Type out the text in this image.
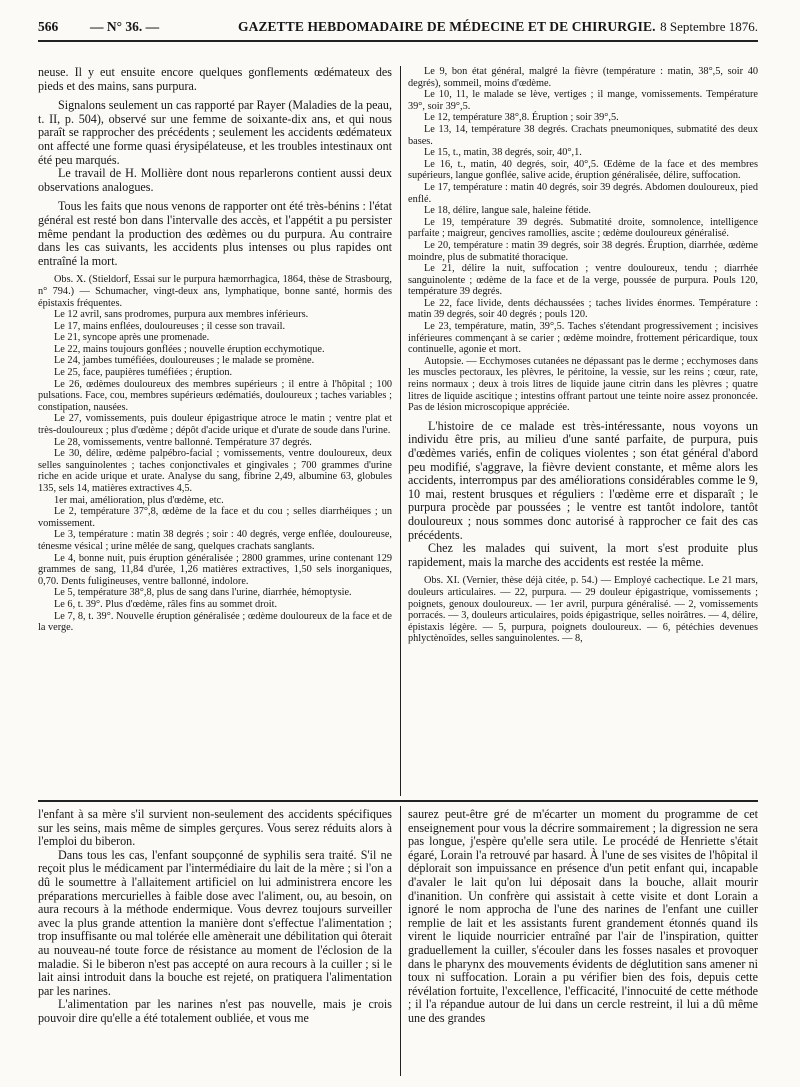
566 — N° 36. —	GAZETTE HEBDOMADAIRE DE MÉDECINE ET DE CHIRURGIE. 8 Septembre 1876.

neuse. Il y eut ensuite encore quelques gonflements œdémateux des pieds et des mains, sans purpura.

Signalons seulement un cas rapporté par Rayer (Maladies de la peau, t. II, p. 504), observé sur une femme de soixante-dix ans, et qui nous paraît se rapprocher des précédents ; seulement les accidents œdémateux ont affecté une forme quasi érysipélateuse, et les troubles intestinaux ont été peu marqués.

Le travail de H. Mollière dont nous reparlerons contient aussi deux observations analogues.

Tous les faits que nous venons de rapporter ont été très-bénins : l'état général est resté bon dans l'intervalle des accès, et l'appétit a pu persister même pendant la production des œdèmes ou du purpura. Au contraire dans les cas suivants, les accidents plus intenses ou plus rapides ont entraîné la mort.

Obs. X. (Stieldorf, Essai sur le purpura hæmorrhagica, 1864, thèse de Strasbourg, n° 794.) — Schumacher, vingt-deux ans, lymphatique, bonne santé, hormis des épistaxis fréquentes.

Le 12 avril, sans prodromes, purpura aux membres inférieurs.

Le 17, mains enflées, douloureuses ; il cesse son travail.

Le 21, syncope après une promenade.

Le 22, mains toujours gonflées ; nouvelle éruption ecchymotique.

Le 24, jambes tuméfiées, douloureuses ; le malade se promène.

Le 25, face, paupières tuméfiées ; éruption.

Le 26, œdèmes douloureux des membres supérieurs ; il entre à l'hôpital ; 100 pulsations. Face, cou, membres supérieurs œdématiés, douloureux ; taches variables ; constipation, nausées.

Le 27, vomissements, puis douleur épigastrique atroce le matin ; ventre plat et très-douloureux ; plus d'œdème ; dépôt d'acide urique et d'urate de soude dans l'urine.

Le 28, vomissements, ventre ballonné. Température 37 degrés.

Le 30, délire, œdème palpébro-facial ; vomissements, ventre douloureux, deux selles sanguinolentes ; taches conjonctivales et gingivales ; 700 grammes d'urine riche en acide urique et urate. Analyse du sang, fibrine 2,49, albumine 63, globules 135, sels 14, matières extractives 4,5.

1er mai, amélioration, plus d'œdème, etc.

Le 2, température 37°,8, œdème de la face et du cou ; selles diarrhéiques ; un vomissement.

Le 3, température : matin 38 degrés ; soir : 40 degrés, verge enflée, douloureuse, ténesme vésical ; urine mêlée de sang, quelques crachats sanglants.

Le 4, bonne nuit, puis éruption généralisée ; 2800 grammes, urine contenant 129 grammes de sang, 11,84 d'urée, 1,26 matières extractives, 1,50 sels inorganiques, 0,70. Dents fuligineuses, ventre ballonné, indolore.

Le 5, température 38°,8, plus de sang dans l'urine, diarrhée, hémoptysie.

Le 6, t. 39°. Plus d'œdème, râles fins au sommet droit.

Le 7, 8, t. 39°. Nouvelle éruption généralisée ; œdème douloureux de la face et de la verge.

Le 9, bon état général, malgré la fièvre (température : matin, 38°,5, soir 40 degrés), sommeil, moins d'œdème.

Le 10, 11, le malade se lève, vertiges ; il mange, vomissements. Température 39°, soir 39°,5.

Le 12, température 38°,8. Éruption ; soir 39°,5.

Le 13, 14, température 38 degrés. Crachats pneumoniques, submatité des deux bases.

Le 15, t., matin, 38 degrés, soir, 40°,1.

Le 16, t., matin, 40 degrés, soir, 40°,5. Œdème de la face et des membres supérieurs, langue gonflée, salive acide, éruption généralisée, délire, suffocation.

Le 17, température : matin 40 degrés, soir 39 degrés. Abdomen douloureux, pied enflé.

Le 18, délire, langue sale, haleine fétide.

Le 19, température 39 degrés. Submatité droite, somnolence, intelligence parfaite ; maigreur, gencives ramollies, ascite ; œdème douloureux généralisé.

Le 20, température : matin 39 degrés, soir 38 degrés. Éruption, diarrhée, œdème moindre, plus de submatité thoracique.

Le 21, délire la nuit, suffocation ; ventre douloureux, tendu ; diarrhée sanguinolente ; œdème de la face et de la verge, poussée de purpura. Pouls 120, température 39 degrés.

Le 22, face livide, dents déchaussées ; taches livides énormes. Température : matin 39 degrés, soir 40 degrés ; pouls 120.

Le 23, température, matin, 39°,5. Taches s'étendant progressivement ; incisives inférieures commençant à se carier ; œdème moindre, frottement péricardique, toux continuelle, agonie et mort.

Autopsie. — Ecchymoses cutanées ne dépassant pas le derme ; ecchymoses dans les muscles pectoraux, les plèvres, le péritoine, la vessie, sur les reins ; cœur, rate, reins normaux ; deux à trois litres de liquide jaune citrin dans les plèvres ; quatre litres de liquide ascitique ; intestins offrant partout une teinte noire assez prononcée. Pas de lésion microscopique appréciée.

L'histoire de ce malade est très-intéressante, nous voyons un individu être pris, au milieu d'une santé parfaite, de purpura, puis d'œdèmes variés, enfin de coliques violentes ; son état général d'abord peu modifié, s'aggrave, la fièvre devient constante, et même alors les accidents, interrompus par des améliorations considérables comme le 9, 10 mai, restent brusques et réguliers : l'œdème erre et disparaît ; le purpura procède par poussées ; le ventre est tantôt indolore, tantôt douloureux ; nous sommes donc autorisé à rapprocher ce fait des cas précédents.

Chez les malades qui suivent, la mort s'est produite plus rapidement, mais la marche des accidents est restée la même.

Obs. XI. (Vernier, thèse déjà citée, p. 54.) — Employé cachectique. Le 21 mars, douleurs articulaires. — 22, purpura. — 29 douleur épigastrique, vomissements ; poignets, genoux douloureux. — 1er avril, purpura généralisé. — 2, vomissements porracés. — 3, douleurs articulaires, poids épigastrique, selles noirâtres. — 4, délire, épistaxis légère. — 5, purpura, poignets douloureux. — 6, pétéchies devenues phlyctènoïdes, selles sanguinolentes. — 8,

l'enfant à sa mère s'il survient non-seulement des accidents spécifiques sur les seins, mais même de simples gerçures. Vous serez réduits alors à l'emploi du biberon.

Dans tous les cas, l'enfant soupçonné de syphilis sera traité. S'il ne reçoit plus le médicament par l'intermédiaire du lait de la mère ; si l'on a dû le soumettre à l'allaitement artificiel on lui administrera encore les préparations mercurielles à faible dose avec l'aliment, ou, au besoin, on aura recours à la méthode endermique. Vous devrez toujours surveiller avec la plus grande attention la manière dont s'effectue l'alimentation ; trop insuffisante ou mal tolérée elle amènerait une débilitation qui ôterait au nouveau-né toute force de résistance au moment de l'éclosion de la maladie. Si le biberon n'est pas accepté on aura recours à la cuiller ; si le lait ainsi introduit dans la bouche est rejeté, on pratiquera l'alimentation par les narines.

L'alimentation par les narines n'est pas nouvelle, mais je crois pouvoir dire qu'elle a été totalement oubliée, et vous me

saurez peut-être gré de m'écarter un moment du programme de cet enseignement pour vous la décrire sommairement ; la digression ne sera pas longue, j'espère qu'elle sera utile. Le procédé de Henriette s'était égaré, Lorain l'a retrouvé par hasard. À l'une de ses visites de l'hôpital il déplorait son impuissance en présence d'un petit enfant qui, incapable d'avaler le lait qu'on lui déposait dans la bouche, allait mourir d'inanition. Un confrère qui assistait à cette visite et dont Lorain a ignoré le nom approcha de l'une des narines de l'enfant une cuiller remplie de lait et les assistants furent grandement étonnés quand ils virent le liquide nourricier entraîné par l'air de l'inspiration, quitter graduellement la cuiller, s'écouler dans les fosses nasales et provoquer dans le pharynx des mouvements évidents de déglutition sans amener ni toux ni suffocation. Lorain a pu vérifier bien des fois, depuis cette révélation fortuite, l'excellence, l'efficacité, l'innocuité de cette méthode ; il l'a répandue autour de lui dans un cercle restreint, il lui a dû même une des grandes
